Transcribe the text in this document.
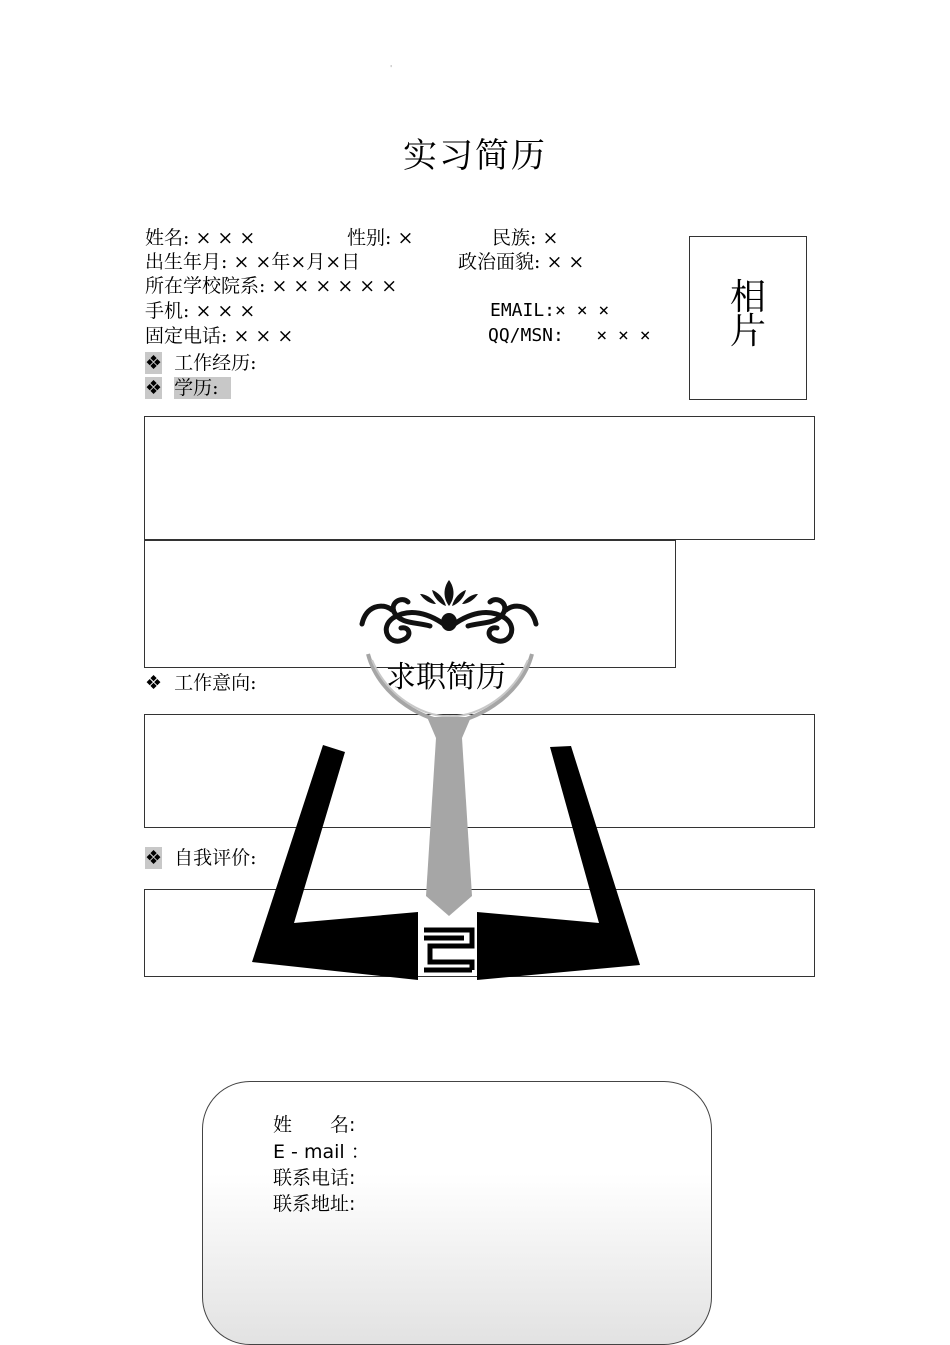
'
实习简历
姓名: × × ×	性别: ×	民族: ×
出生年月: × ×年×月×日	政治面貌: × ×
所在学校院系: × × × × × ×
手机: × × ×	EMAIL:× × ×
固定电话: × × ×	QQ/MSN:   × × ×
相
片
❖ 工作经历:
❖ 学历:
❖ 工作意向:
❖ 自我评价:
求职简历
姓　　名:
E - mail ：
联系电话:
联系地址:
